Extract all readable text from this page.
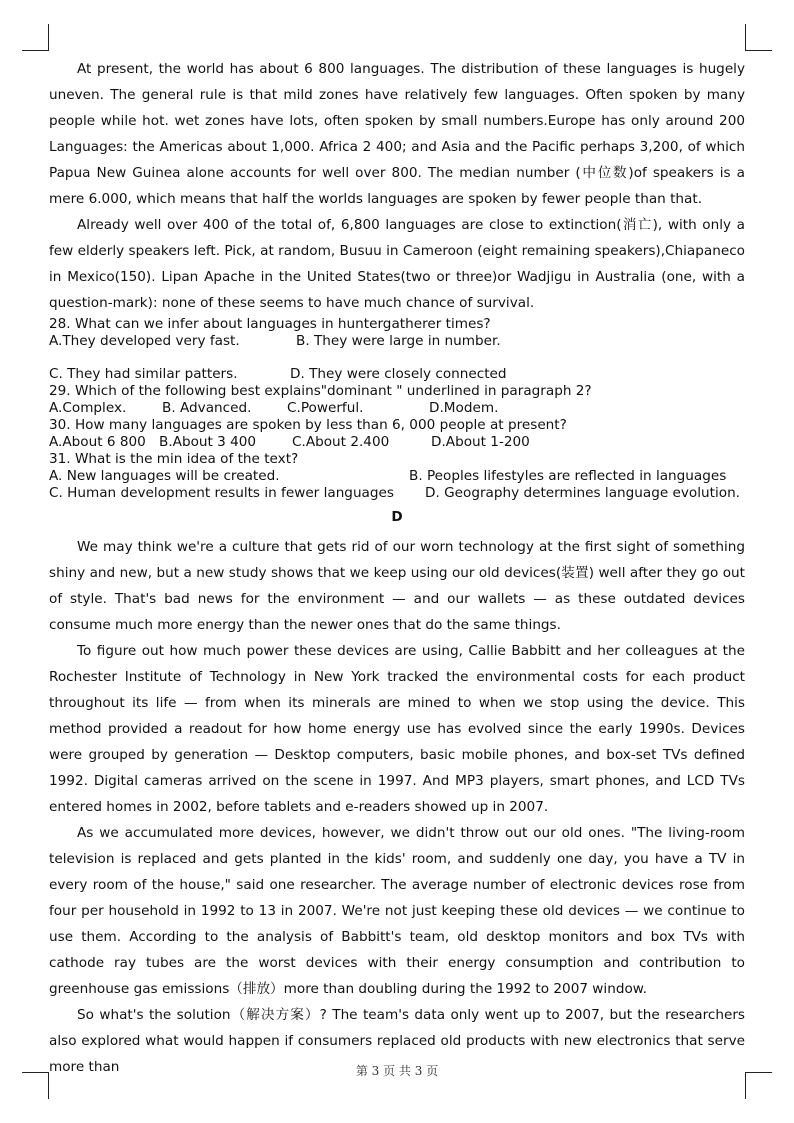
At present, the world has about 6 800 languages. The distribution of these languages is hugely uneven. The general rule is that mild zones have relatively few languages. Often spoken by many people while hot. wet zones have lots, often spoken by small numbers.Europe has only around 200 Languages: the Americas about 1,000. Africa 2 400; and Asia and the Pacific perhaps 3,200, of which Papua New Guinea alone accounts for well over 800. The median number (中位数)of speakers is a mere 6.000, which means that half the worlds languages are spoken by fewer people than that.

Already well over 400 of the total of, 6,800 languages are close to extinction(消亡), with only a few elderly speakers left. Pick, at random, Busuu in Cameroon (eight remaining speakers),Chiapaneco in Mexico(150). Lipan Apache in the United States(two or three)or Wadjigu in Australia (one, with a question-mark): none of these seems to have much chance of survival.

28. What can we infer about languages in huntergatherer times?

A.They developed very fast.	B. They were large in number.
C. They had similar patters.	D. They were closely connected

29. Which of the following best explains"dominant " underlined in paragraph 2?

A.Complex.	B. Advanced.	C.Powerful.	D.Modem.

30. How many languages are spoken by less than 6, 000 people at present?

A.About 6 800 B.About 3 400	C.About 2.400	D.About 1-200

31. What is the min idea of the text?

A. New languages will be created.	B. Peoples lifestyles are reflected in languages
C. Human development results in fewer languages D. Geography determines language evolution.
D

We may think we're a culture that gets rid of our worn technology at the first sight of something shiny and new, but a new study shows that we keep using our old devices(装置) well after they go out of style. That's bad news for the environment — and our wallets — as these outdated devices consume much more energy than the newer ones that do the same things.

To figure out how much power these devices are using, Callie Babbitt and her colleagues at the Rochester Institute of Technology in New York tracked the environmental costs for each product throughout its life — from when its minerals are mined to when we stop using the device. This method provided a readout for how home energy use has evolved since the early 1990s. Devices were grouped by generation — Desktop computers, basic mobile phones, and box-set TVs defined 1992. Digital cameras arrived on the scene in 1997. And MP3 players, smart phones, and LCD TVs entered homes in 2002, before tablets and e-readers showed up in 2007.

As we accumulated more devices, however, we didn't throw out our old ones. "The living-room television is replaced and gets planted in the kids' room, and suddenly one day, you have a TV in every room of the house," said one researcher. The average number of electronic devices rose from four per household in 1992 to 13 in 2007. We're not just keeping these old devices — we continue to use them. According to the analysis of Babbitt's team, old desktop monitors and box TVs with cathode ray tubes are the worst devices with their energy consumption and contribution to greenhouse gas emissions（排放）more than doubling during the 1992 to 2007 window.

So what's the solution（解决方案）? The team's data only went up to 2007, but the researchers also explored what would happen if consumers replaced old products with new electronics that serve more than	第 3 页 共 3 页
